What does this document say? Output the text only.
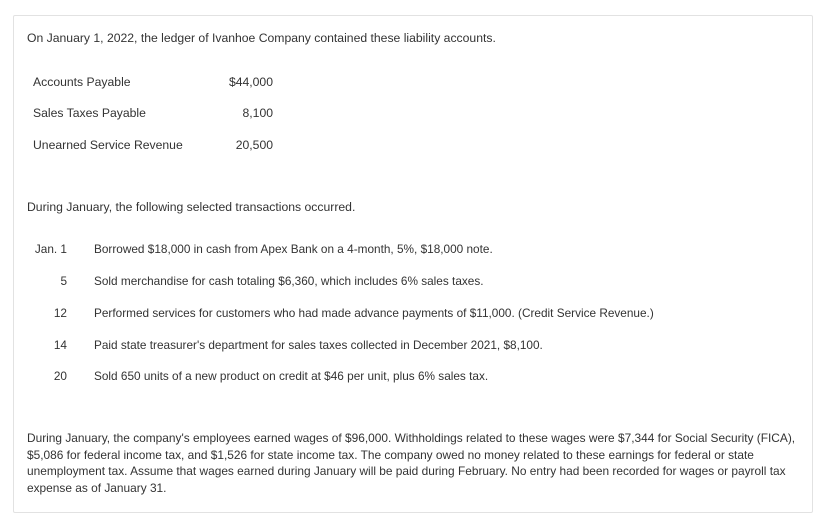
On January 1, 2022, the ledger of Ivanhoe Company contained these liability accounts.
Accounts Payable	$44,000
Sales Taxes Payable	8,100
Unearned Service Revenue	20,500
During January, the following selected transactions occurred.
Jan. 1 Borrowed $18,000 in cash from Apex Bank on a 4-month, 5%, $18,000 note.
5 Sold merchandise for cash totaling $6,360, which includes 6% sales taxes.
12 Performed services for customers who had made advance payments of $11,000. (Credit Service Revenue.)
14 Paid state treasurer's department for sales taxes collected in December 2021, $8,100.
20 Sold 650 units of a new product on credit at $46 per unit, plus 6% sales tax.
During January, the company's employees earned wages of $96,000. Withholdings related to these wages were $7,344 for Social Security (FICA), $5,086 for federal income tax, and $1,526 for state income tax. The company owed no money related to these earnings for federal or state unemployment tax. Assume that wages earned during January will be paid during February. No entry had been recorded for wages or payroll tax expense as of January 31.
